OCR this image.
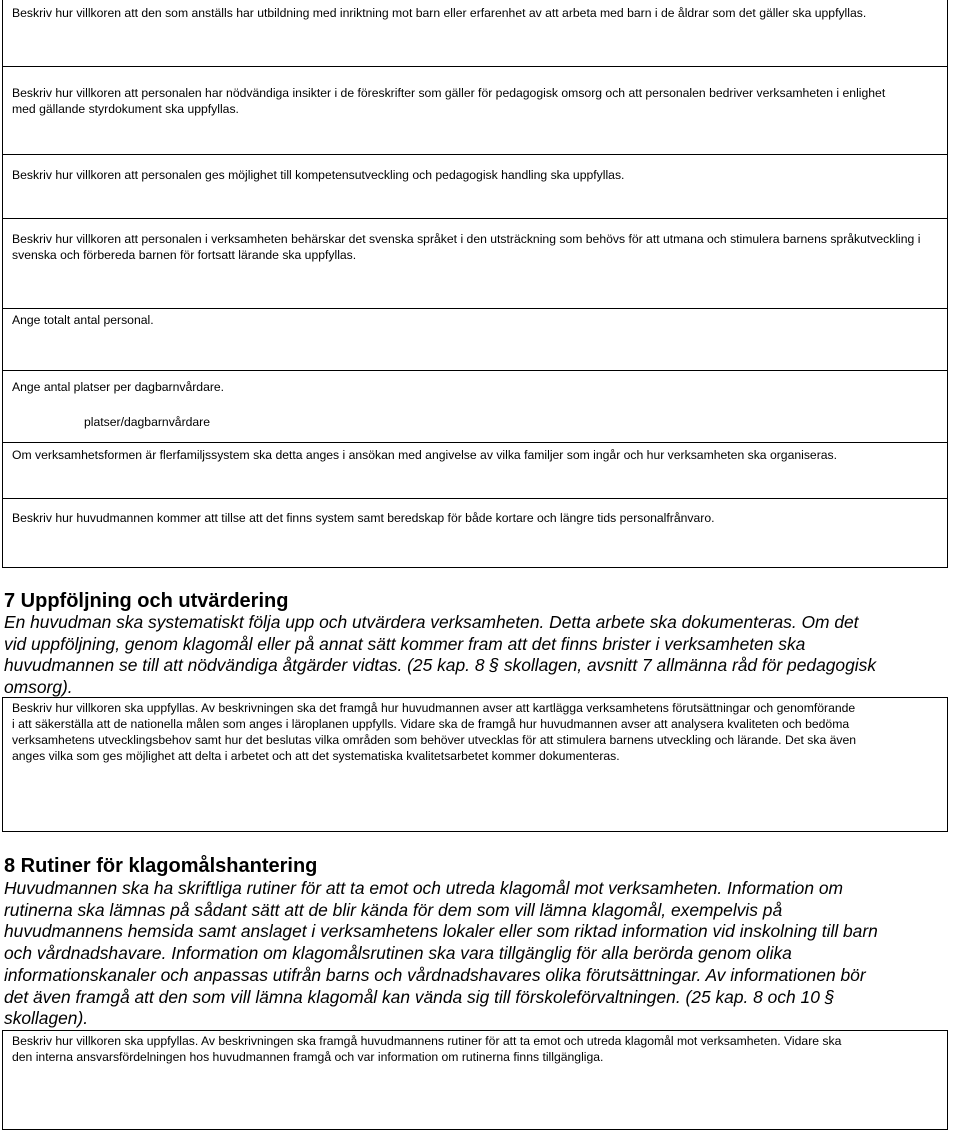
Beskriv hur villkoren att den som anställs har utbildning med inriktning mot barn eller erfarenhet av att arbeta med barn i de åldrar som det gäller ska uppfyllas.
Beskriv hur villkoren att personalen har nödvändiga insikter i de föreskrifter som gäller för pedagogisk omsorg och att personalen bedriver verksamheten i enlighet med gällande styrdokument ska uppfyllas.
Beskriv hur villkoren att personalen ges möjlighet till kompetensutveckling och pedagogisk handling ska uppfyllas.
Beskriv hur villkoren att personalen i verksamheten behärskar det svenska språket i den utsträckning som behövs för att utmana och stimulera barnens språkutveckling i svenska och förbereda barnen för fortsatt lärande ska uppfyllas.
Ange totalt antal personal.
Ange antal platser per dagbarnvårdare.
platser/dagbarnvårdare
Om verksamhetsformen är flerfamiljssystem ska detta anges i ansökan med angivelse av vilka familjer som ingår och hur verksamheten ska organiseras.
Beskriv hur huvudmannen kommer att tillse att det finns system samt beredskap för både kortare och längre tids personalfrånvaro.
7 Uppföljning och utvärdering
En huvudman ska systematiskt följa upp och utvärdera verksamheten. Detta arbete ska dokumenteras. Om det
vid uppföljning, genom klagomål eller på annat sätt kommer fram att det finns brister i verksamheten ska
huvudmannen se till att nödvändiga åtgärder vidtas. (25 kap. 8 § skollagen, avsnitt 7 allmänna råd för pedagogisk
omsorg).
Beskriv hur villkoren ska uppfyllas. Av beskrivningen ska det framgå hur huvudmannen avser att kartlägga verksamhetens förutsättningar och genomförande
i att säkerställa att de nationella målen som anges i läroplanen uppfylls. Vidare ska de framgå hur huvudmannen avser att analysera kvaliteten och bedöma
verksamhetens utvecklingsbehov samt hur det beslutas vilka områden som behöver utvecklas för att stimulera barnens utveckling och lärande. Det ska även
anges vilka som ges möjlighet att delta i arbetet och att det systematiska kvalitetsarbetet kommer dokumenteras.
8 Rutiner för klagomålshantering
Huvudmannen ska ha skriftliga rutiner för att ta emot och utreda klagomål mot verksamheten. Information om
rutinerna ska lämnas på sådant sätt att de blir kända för dem som vill lämna klagomål, exempelvis på
huvudmannens hemsida samt anslaget i verksamhetens lokaler eller som riktad information vid inskolning till barn
och vårdnadshavare. Information om klagomålsrutinen ska vara tillgänglig för alla berörda genom olika
informationskanaler och anpassas utifrån barns och vårdnadshavares olika förutsättningar. Av informationen bör
det även framgå att den som vill lämna klagomål kan vända sig till förskoleförvaltningen. (25 kap. 8 och 10 §
skollagen).
Beskriv hur villkoren ska uppfyllas. Av beskrivningen ska framgå huvudmannens rutiner för att ta emot och utreda klagomål mot verksamheten. Vidare ska
den interna ansvarsfördelningen hos huvudmannen framgå och var information om rutinerna finns tillgängliga.
